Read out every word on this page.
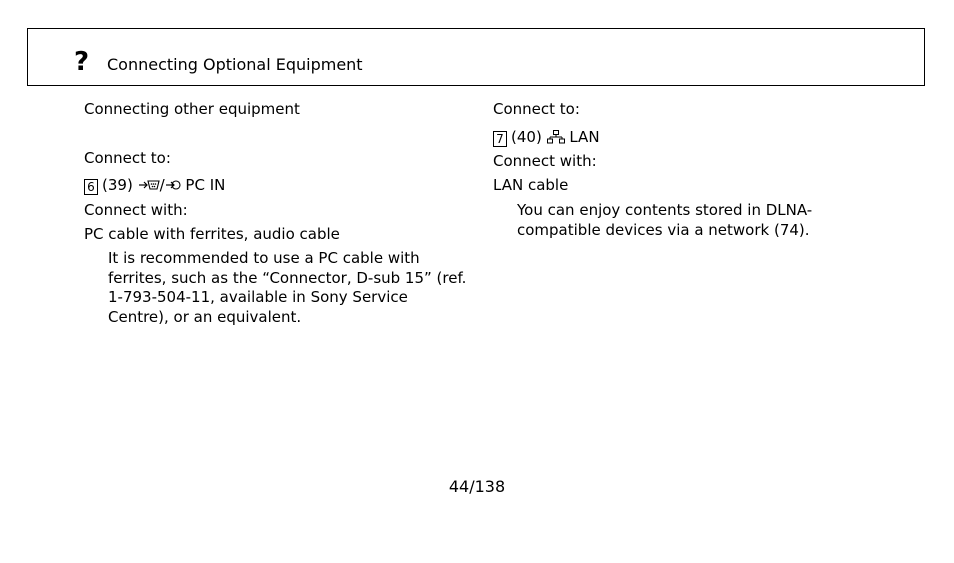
? Connecting Optional Equipment
Connecting other equipment
Connect to:
6 (39) / PC IN
Connect with:
PC cable with ferrites, audio cable
It is recommended to use a PC cable with
ferrites, such as the “Connector, D-sub 15” (ref.
1-793-504-11, available in Sony Service
Centre), or an equivalent.
Connect to:
7 (40) LAN
Connect with:
LAN cable
You can enjoy contents stored in DLNA-
compatible devices via a network (74).
44/138
